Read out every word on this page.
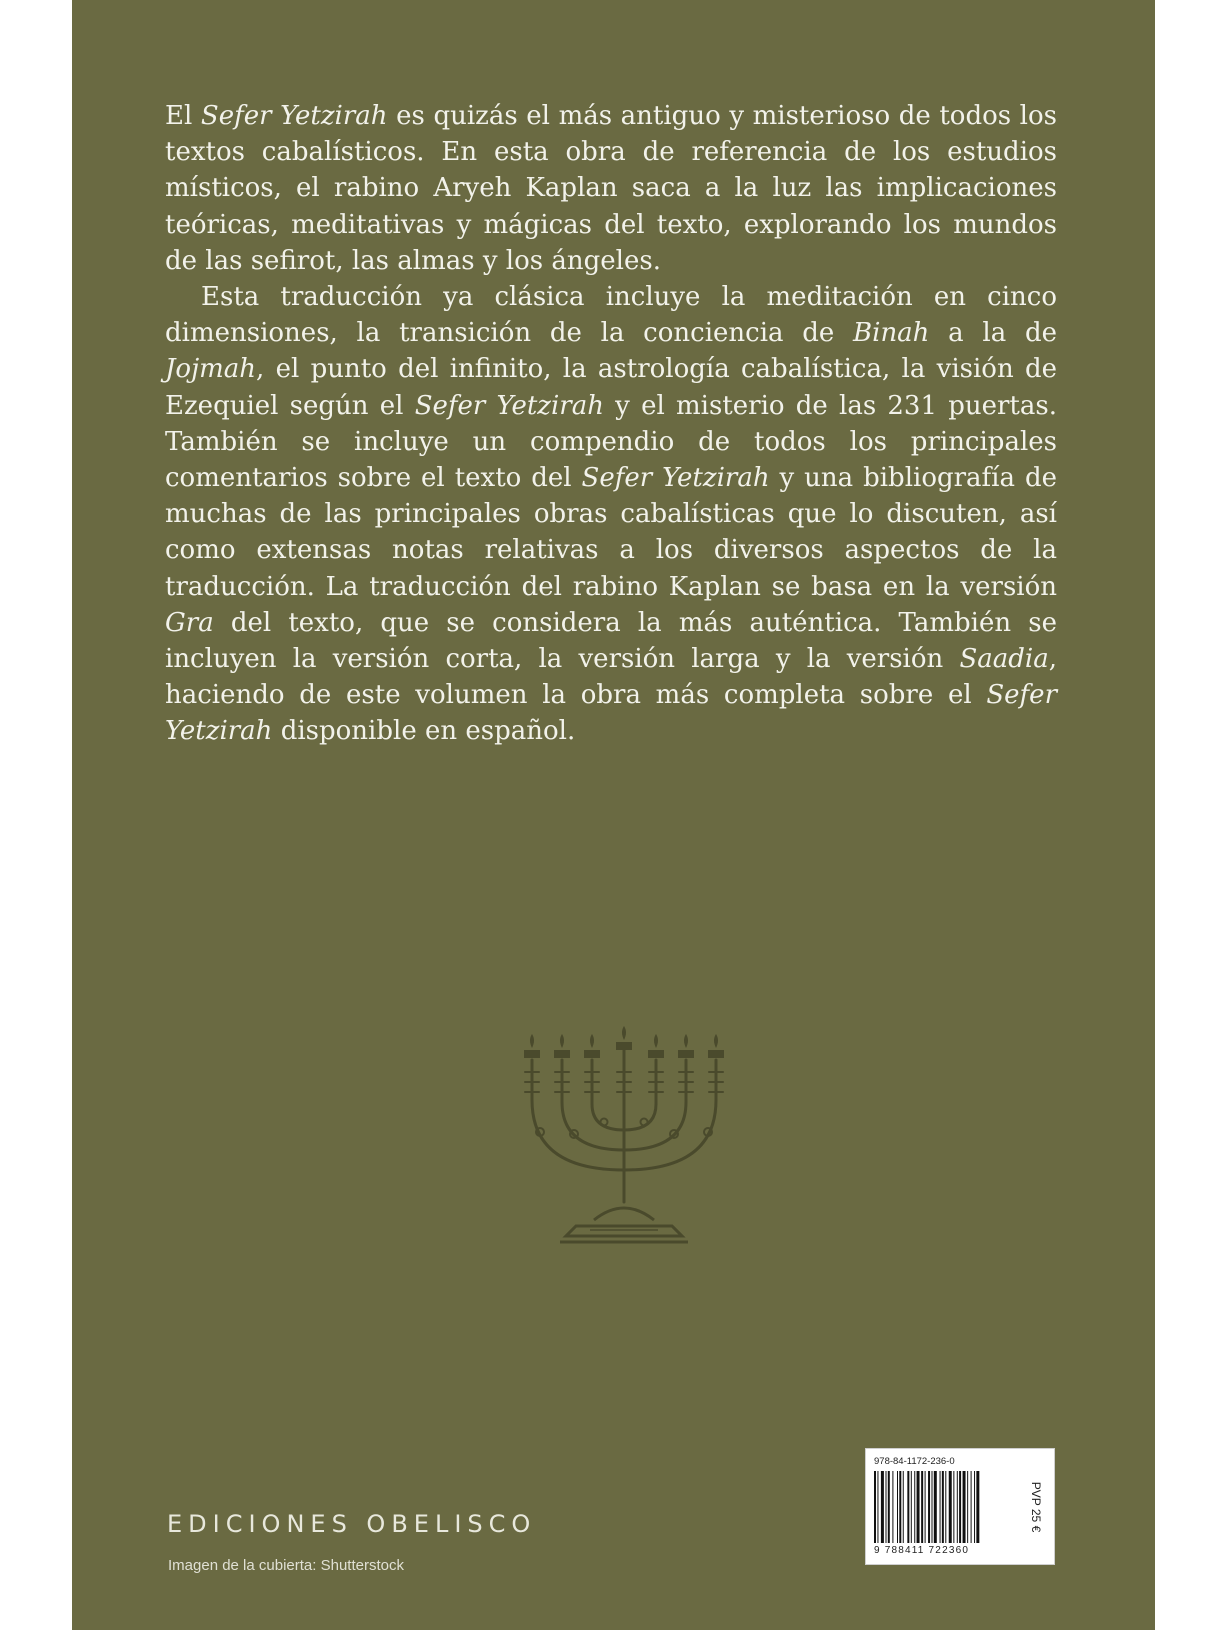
El Sefer Yetzirah es quizás el más antiguo y misterioso de todos los textos cabalísticos. En esta obra de referencia de los estudios místicos, el rabino Aryeh Kaplan saca a la luz las implicaciones teóricas, meditativas y mágicas del texto, explorando los mundos de las sefirot, las almas y los ángeles.

Esta traducción ya clásica incluye la meditación en cinco dimensiones, la transición de la conciencia de Binah a la de Jojmah, el punto del infinito, la astrología cabalística, la visión de Ezequiel según el Sefer Yetzirah y el misterio de las 231 puertas. También se incluye un compendio de todos los principales comentarios sobre el texto del Sefer Yetzirah y una bibliografía de muchas de las principales obras cabalísticas que lo discuten, así como extensas notas relativas a los diversos aspectos de la traducción. La traducción del rabino Kaplan se basa en la versión Gra del texto, que se considera la más auténtica. También se incluyen la versión corta, la versión larga y la versión Saadia, haciendo de este volumen la obra más completa sobre el Sefer Yetzirah disponible en español.

EDICIONES OBELISCO
Imagen de la cubierta: Shutterstock
978-84-1172-236-0
9 788411 722360
PVP 25 €
